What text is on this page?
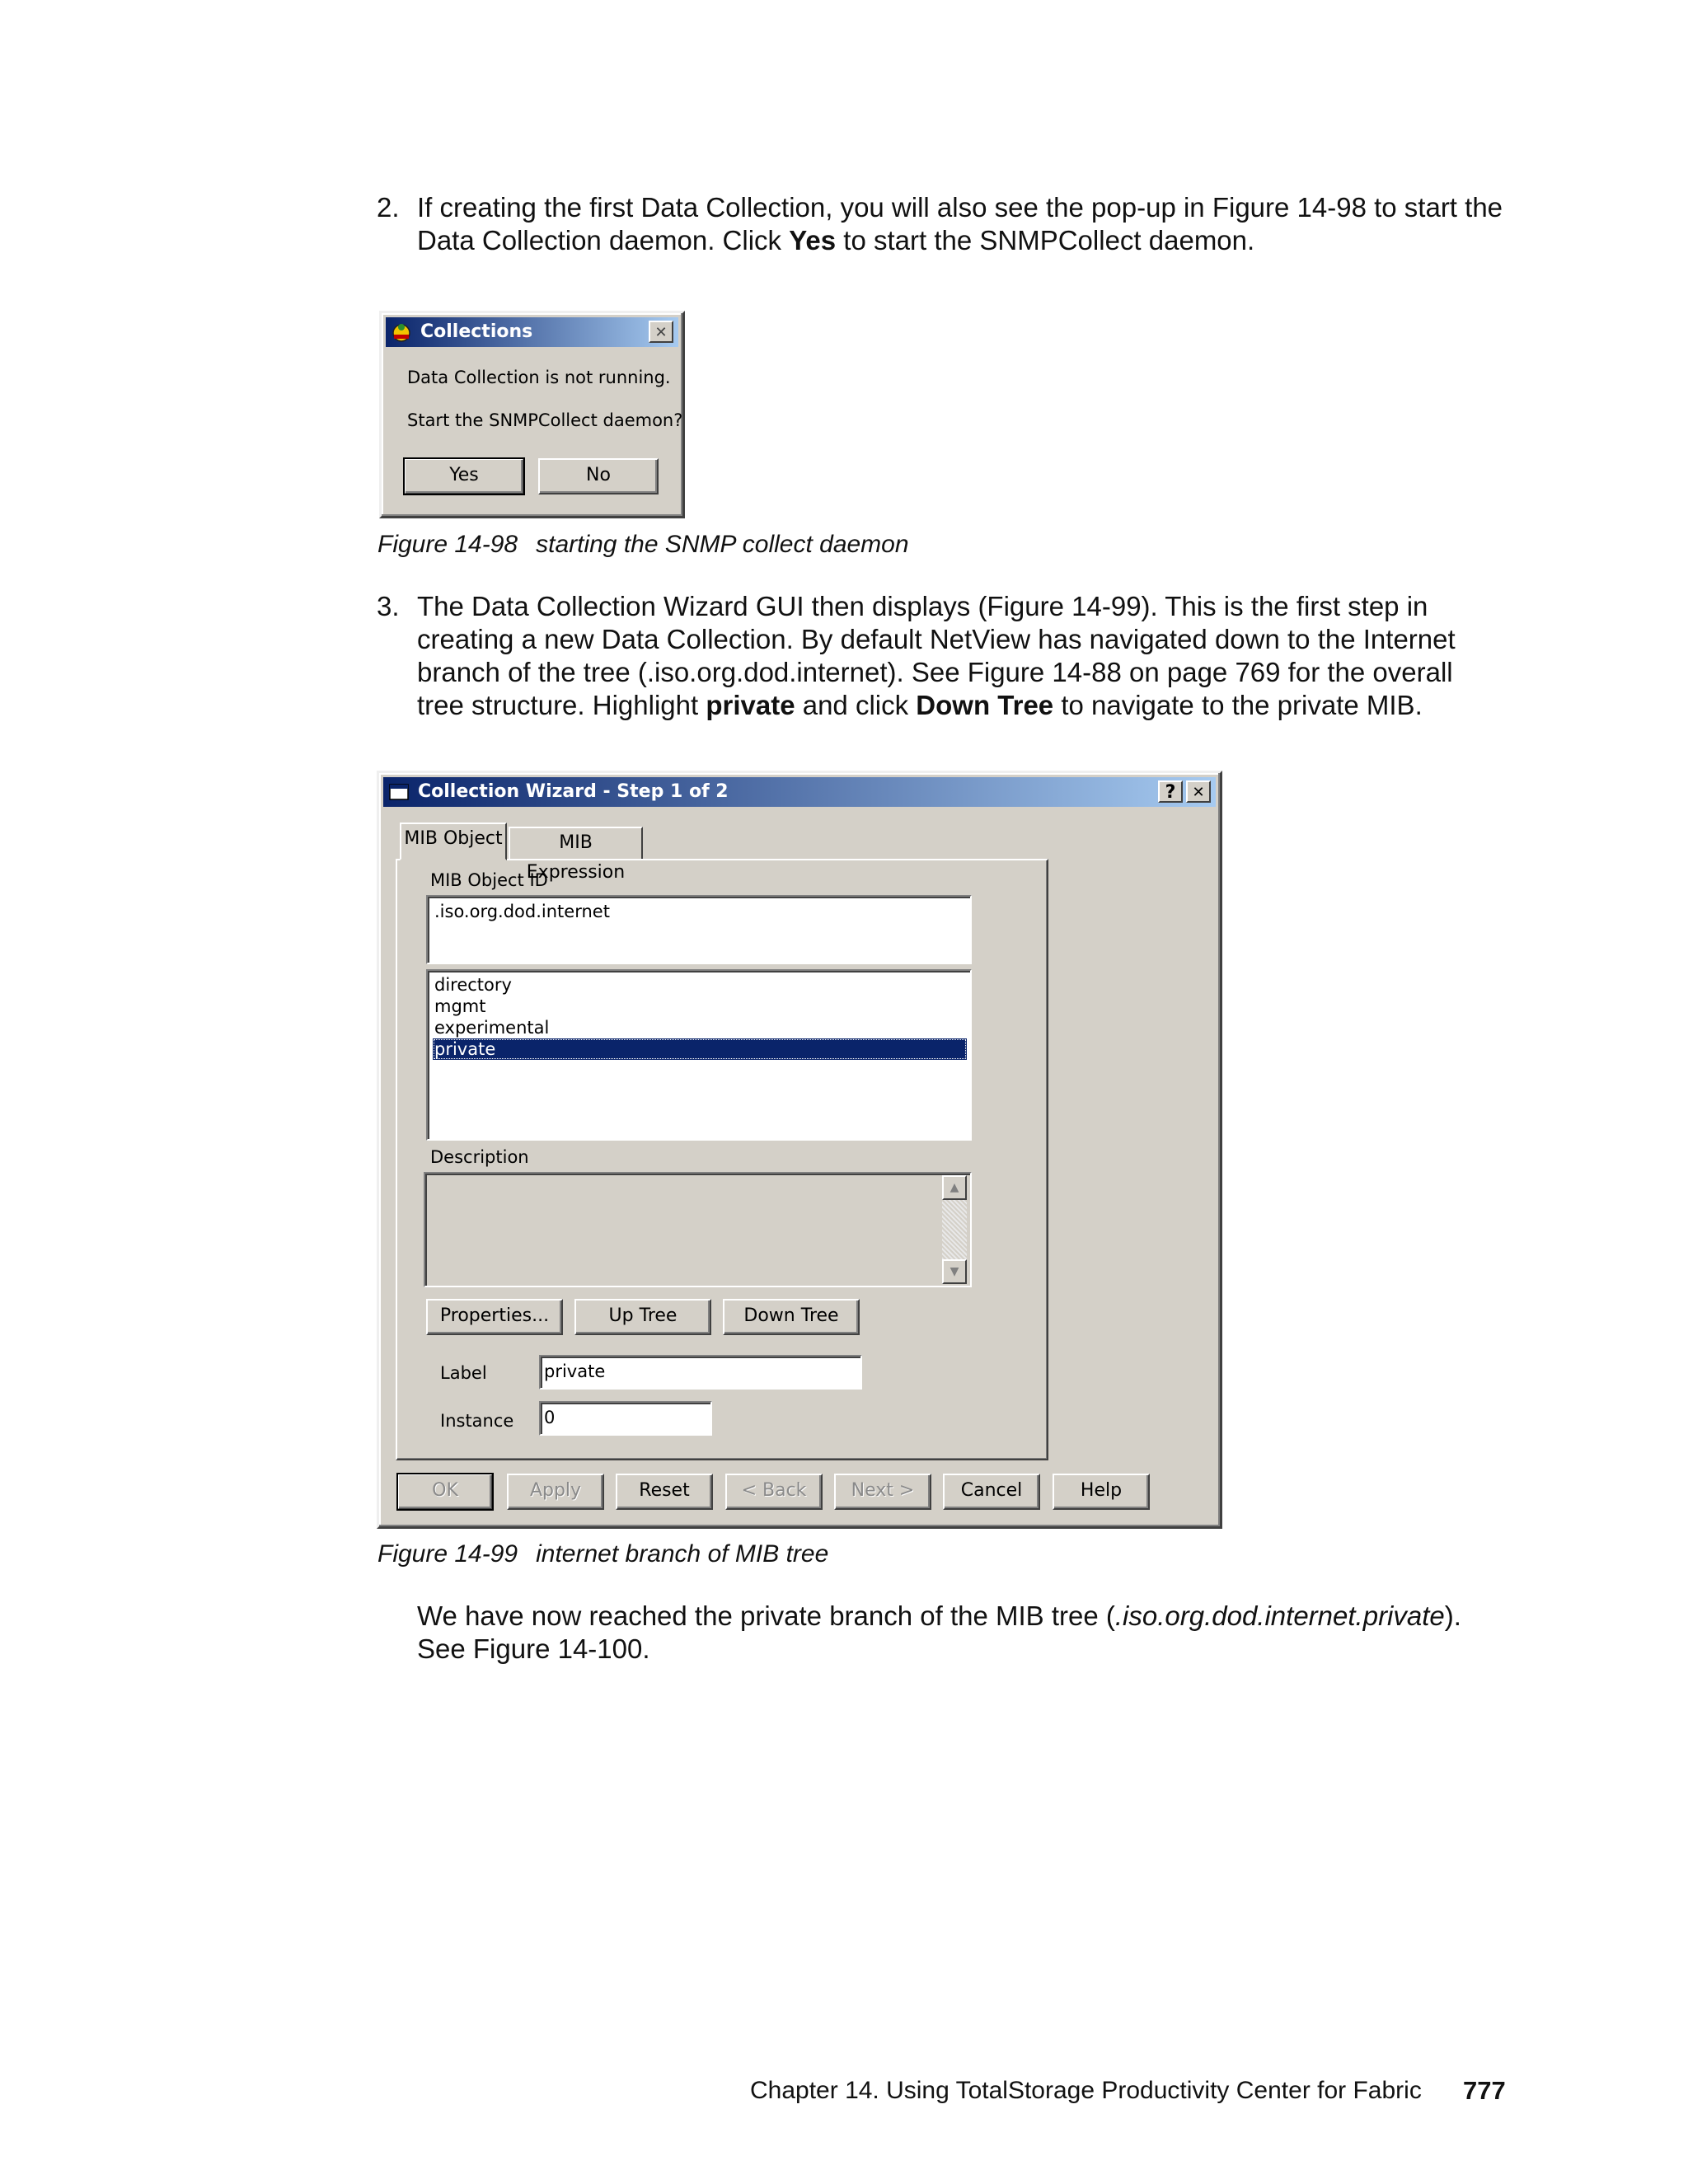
2. If creating the first Data Collection, you will also see the pop-up in Figure 14-98 to start the

Data Collection daemon. Click Yes to start the SNMPCollect daemon.

Collections	✕
Data Collection is not running.
Start the SNMPCollect daemon?
Yes	No
Figure 14-98 starting the SNMP collect daemon
3. The Data Collection Wizard GUI then displays (Figure 14-99). This is the first step in

creating a new Data Collection. By default NetView has navigated down to the Internet

branch of the tree (.iso.org.dod.internet). See Figure 14-88 on page 769 for the overall

tree structure. Highlight private and click Down Tree to navigate to the private MIB.

Collection Wizard - Step 1 of 2	?	✕
MIB Object	MIB Expression
MIB Object ID
.iso.org.dod.internet
directory
mgmt
experimental
private
Description
▲
▼
Properties...	Up Tree	Down Tree
Label	private
Instance 0
OK	Apply	Reset	< Back	Next >	Cancel	Help
Figure 14-99 internet branch of MIB tree

We have now reached the private branch of the MIB tree (.iso.org.dod.internet.private).

See Figure 14-100.

Chapter 14. Using TotalStorage Productivity Center for Fabric 777
